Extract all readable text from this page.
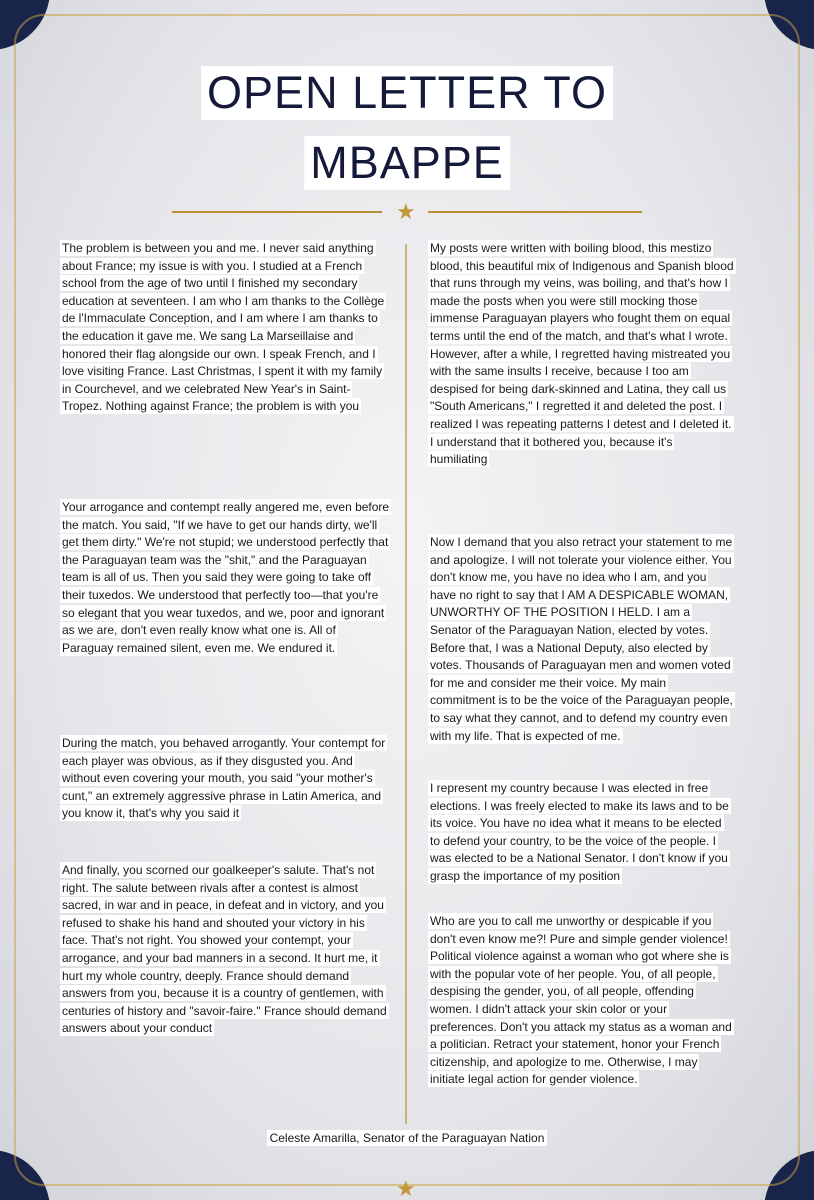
OPEN LETTER TO
MBAPPE
★
The problem is between you and me. I never said anything about France; my issue is with you. I studied at a French school from the age of two until I finished my secondary education at seventeen. I am who I am thanks to the Collège de l'Immaculate Conception, and I am where I am thanks to the education it gave me. We sang La Marseillaise and honored their flag alongside our own. I speak French, and I love visiting France. Last Christmas, I spent it with my family in Courchevel, and we celebrated New Year's in Saint-Tropez. Nothing against France; the problem is with you
Your arrogance and contempt really angered me, even before the match. You said, "If we have to get our hands dirty, we'll get them dirty." We're not stupid; we understood perfectly that the Paraguayan team was the "shit," and the Paraguayan team is all of us. Then you said they were going to take off their tuxedos. We understood that perfectly too—that you're so elegant that you wear tuxedos, and we, poor and ignorant as we are, don't even really know what one is. All of Paraguay remained silent, even me. We endured it.
During the match, you behaved arrogantly. Your contempt for each player was obvious, as if they disgusted you. And without even covering your mouth, you said "your mother's cunt," an extremely aggressive phrase in Latin America, and you know it, that's why you said it
And finally, you scorned our goalkeeper's salute. That's not right. The salute between rivals after a contest is almost sacred, in war and in peace, in defeat and in victory, and you refused to shake his hand and shouted your victory in his face. That's not right. You showed your contempt, your arrogance, and your bad manners in a second. It hurt me, it hurt my whole country, deeply. France should demand answers from you, because it is a country of gentlemen, with centuries of history and "savoir-faire." France should demand answers about your conduct
My posts were written with boiling blood, this mestizo blood, this beautiful mix of Indigenous and Spanish blood that runs through my veins, was boiling, and that's how I made the posts when you were still mocking those immense Paraguayan players who fought them on equal terms until the end of the match, and that's what I wrote. However, after a while, I regretted having mistreated you with the same insults I receive, because I too am despised for being dark-skinned and Latina, they call us "South Americans," I regretted it and deleted the post. I realized I was repeating patterns I detest and I deleted it. I understand that it bothered you, because it's humiliating
Now I demand that you also retract your statement to me and apologize. I will not tolerate your violence either. You don't know me, you have no idea who I am, and you have no right to say that I AM A DESPICABLE WOMAN, UNWORTHY OF THE POSITION I HELD. I am a Senator of the Paraguayan Nation, elected by votes. Before that, I was a National Deputy, also elected by votes. Thousands of Paraguayan men and women voted for me and consider me their voice. My main commitment is to be the voice of the Paraguayan people, to say what they cannot, and to defend my country even with my life. That is expected of me.
I represent my country because I was elected in free elections. I was freely elected to make its laws and to be its voice. You have no idea what it means to be elected to defend your country, to be the voice of the people. I was elected to be a National Senator. I don't know if you grasp the importance of my position
Who are you to call me unworthy or despicable if you don't even know me?! Pure and simple gender violence! Political violence against a woman who got where she is with the popular vote of her people. You, of all people, despising the gender, you, of all people, offending women. I didn't attack your skin color or your preferences. Don't you attack my status as a woman and a politician. Retract your statement, honor your French citizenship, and apologize to me. Otherwise, I may initiate legal action for gender violence.
Celeste Amarilla, Senator of the Paraguayan Nation
★
